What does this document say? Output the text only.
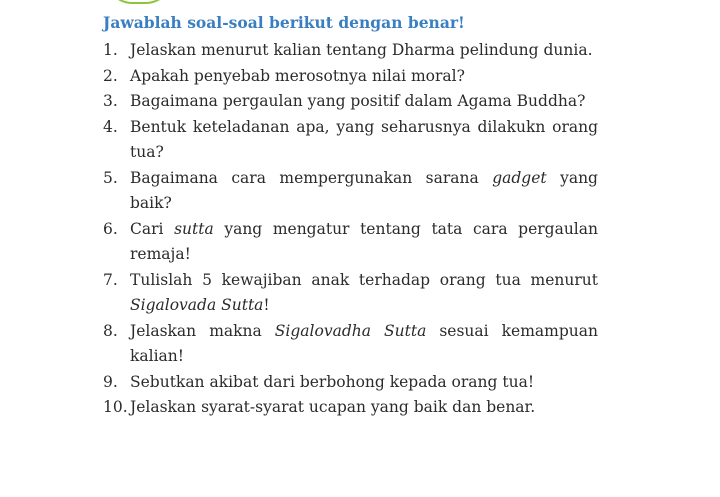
Jawablah soal-soal berikut dengan benar!
1. Jelaskan menurut kalian tentang Dharma pelindung dunia.
2. Apakah penyebab merosotnya nilai moral?
3. Bagaimana pergaulan yang positif dalam Agama Buddha?
4. Bentuk keteladanan apa, yang seharusnya dilakukn orang tua?
5. Bagaimana cara mempergunakan sarana gadget yang baik?
6. Cari sutta yang mengatur tentang tata cara pergaulan remaja!
7. Tulislah 5 kewajiban anak terhadap orang tua menurut Sigalovada Sutta!
8. Jelaskan makna Sigalovadha Sutta sesuai kemampuan kalian!
9. Sebutkan akibat dari berbohong kepada orang tua!
10. Jelaskan syarat-syarat ucapan yang baik dan benar.
